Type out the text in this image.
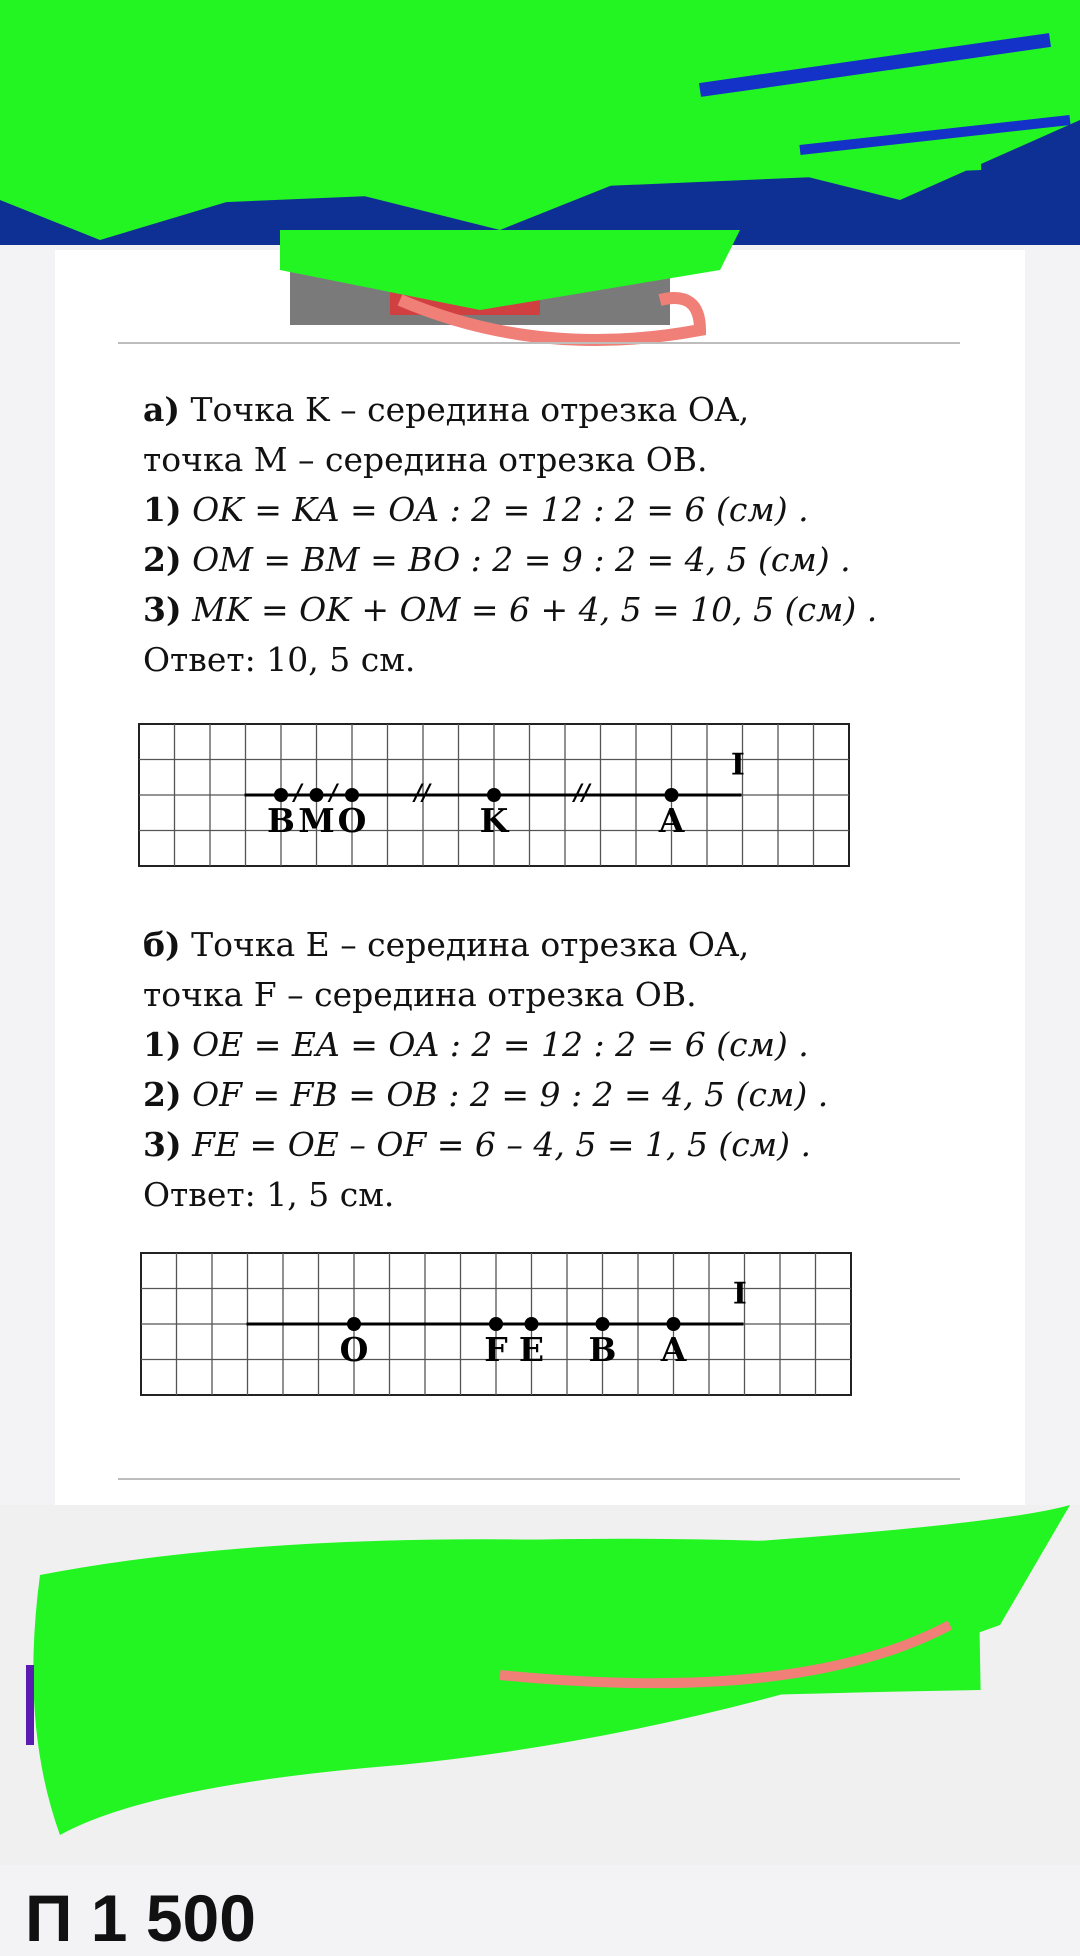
а) Точка K – середина отрезка OA,
точка M – середина отрезка OB.
1) OK = KA = OA : 2 = 12 : 2 = 6 (см) .
2) OM = BM = BO : 2 = 9 : 2 = 4, 5 (см) .
3) MK = OK + OM = 6 + 4, 5 = 10, 5 (см) .
Ответ: 10, 5 см.
I
/ /	//	//
B M O	K	A
б) Точка E – середина отрезка OA,
точка F – середина отрезка OB.
1) OE = EA = OA : 2 = 12 : 2 = 6 (см) .
2) OF = FB = OB : 2 = 9 : 2 = 4, 5 (см) .
3) FE = OE – OF = 6 – 4, 5 = 1, 5 (см) .
Ответ: 1, 5 см.
I
O	F E B A
П 1 500
